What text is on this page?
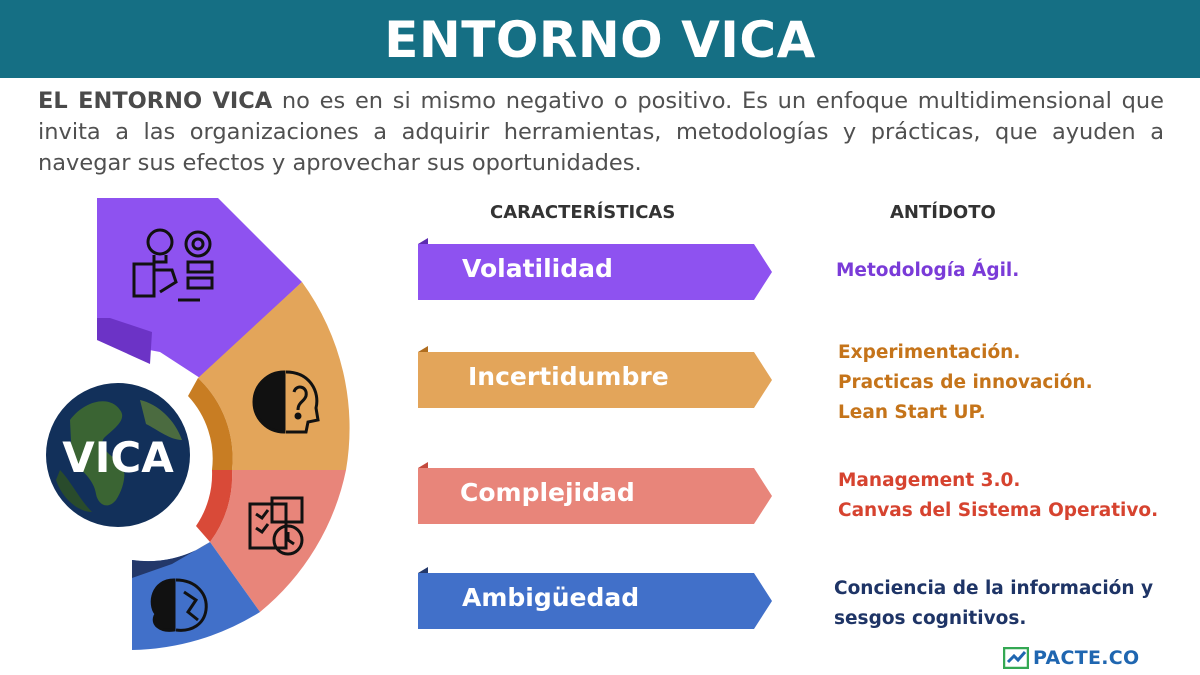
ENTORNO VICA

EL ENTORNO VICA no es en si mismo negativo o positivo. Es un enfoque multidimensional que invita a las organizaciones a adquirir herramientas, metodologías y prácticas, que ayuden a navegar sus efectos y aprovechar sus oportunidades.

CARACTERÍSTICAS	ANTÍDOTO
VICA
Volatilidad
Incertidumbre
Complejidad
Ambigüedad
Metodología Ágil.
Experimentación.
Practicas de innovación.
Lean Start UP.
Management 3.0.
Canvas del Sistema Operativo.
Conciencia de la información y
sesgos cognitivos.
PACTE.CO
